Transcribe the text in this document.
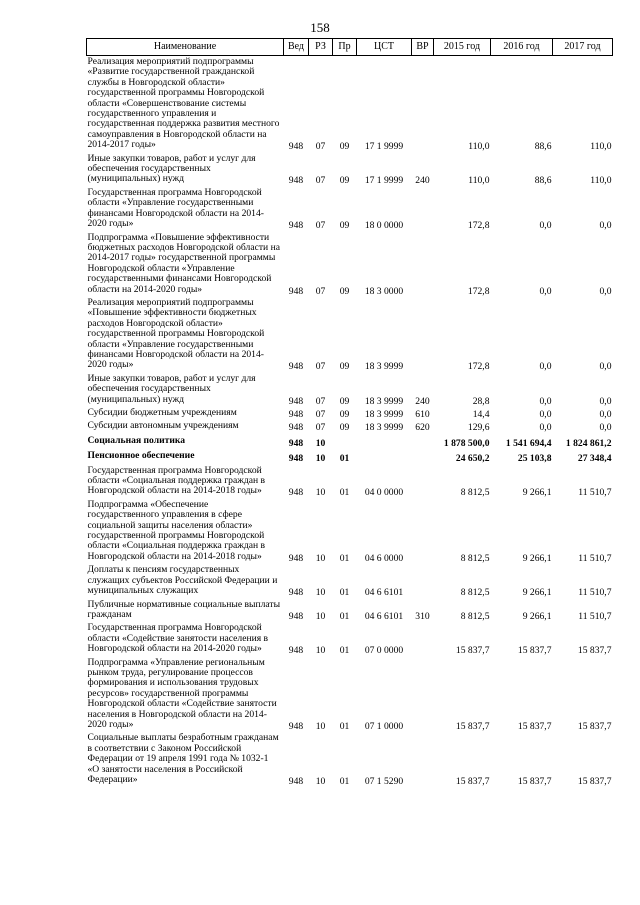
158
Наименование	Вед	РЗ	Пр	ЦСТ	ВР	2015 год	2016 год	2017 год
Реализация мероприятий подпрограммы «Развитие государственной гражданской службы в Новгородской области» государственной программы Новгородской области «Совершенствование системы государственного управления и государственная поддержка развития местного самоуправления в Новгородской области на 2014-2017 годы»	948	07	09	17 1 9999		110,0	88,6	110,0
Иные закупки товаров, работ и услуг для обеспечения государственных (муниципальных) нужд	948	07	09	17 1 9999	240	110,0	88,6	110,0
Государственная программа Новгородской области «Управление государственными финансами Новгородской области на 2014-2020 годы»	948	07	09	18 0 0000		172,8	0,0	0,0
Подпрограмма «Повышение эффективности бюджетных расходов Новгородской области на 2014-2017 годы» государственной программы Новгородской области «Управление государственными финансами Новгородской области на 2014-2020 годы»	948	07	09	18 3 0000		172,8	0,0	0,0
Реализация мероприятий подпрограммы «Повышение эффективности бюджетных расходов Новгородской области» государственной программы Новгородской области «Управление государственными финансами Новгородской области на 2014-2020 годы»	948	07	09	18 3 9999		172,8	0,0	0,0
Иные закупки товаров, работ и услуг для обеспечения государственных (муниципальных) нужд	948	07	09	18 3 9999	240	28,8	0,0	0,0
Субсидии бюджетным учреждениям	948	07	09	18 3 9999	610	14,4	0,0	0,0
Субсидии автономным учреждениям	948	07	09	18 3 9999	620	129,6	0,0	0,0
Социальная политика	948	10				1 878 500,0	1 541 694,4	1 824 861,2
Пенсионное обеспечение	948	10	01			24 650,2	25 103,8	27 348,4
Государственная программа Новгородской области «Социальная поддержка граждан в Новгородской области на 2014-2018 годы»	948	10	01	04 0 0000		8 812,5	9 266,1	11 510,7
Подпрограмма «Обеспечение государственного управления в сфере социальной защиты населения области» государственной программы Новгородской области «Социальная поддержка граждан в Новгородской области на 2014-2018 годы»	948	10	01	04 6 0000		8 812,5	9 266,1	11 510,7
Доплаты к пенсиям государственных служащих субъектов Российской Федерации и муниципальных служащих	948	10	01	04 6 6101		8 812,5	9 266,1	11 510,7
Публичные нормативные социальные выплаты гражданам	948	10	01	04 6 6101	310	8 812,5	9 266,1	11 510,7
Государственная программа Новгородской области «Содействие занятости населения в Новгородской области на 2014-2020 годы»	948	10	01	07 0 0000		15 837,7	15 837,7	15 837,7
Подпрограмма «Управление региональным рынком труда, регулирование процессов формирования и использования трудовых ресурсов» государственной программы Новгородской области «Содействие занятости населения в Новгородской области на 2014-2020 годы»	948	10	01	07 1 0000		15 837,7	15 837,7	15 837,7
Социальные выплаты безработным гражданам в соответствии с Законом Российской Федерации от 19 апреля 1991 года № 1032-1 «О занятости населения в Российской Федерации»	948	10	01	07 1 5290		15 837,7	15 837,7	15 837,7
